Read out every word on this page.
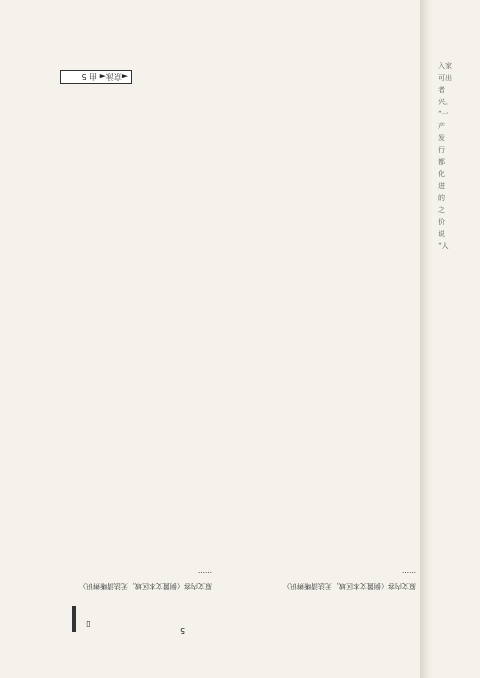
◄京泳◄ 由 5
原文内容（倒置文本区域，无法清晰辨识）
……
原文内容（倒置文本区域，无法清晰辨识）
……
▯
5
入家
可出
者
兴。
“一
产
发
行
都
化
进
的
之
价
说
“人
